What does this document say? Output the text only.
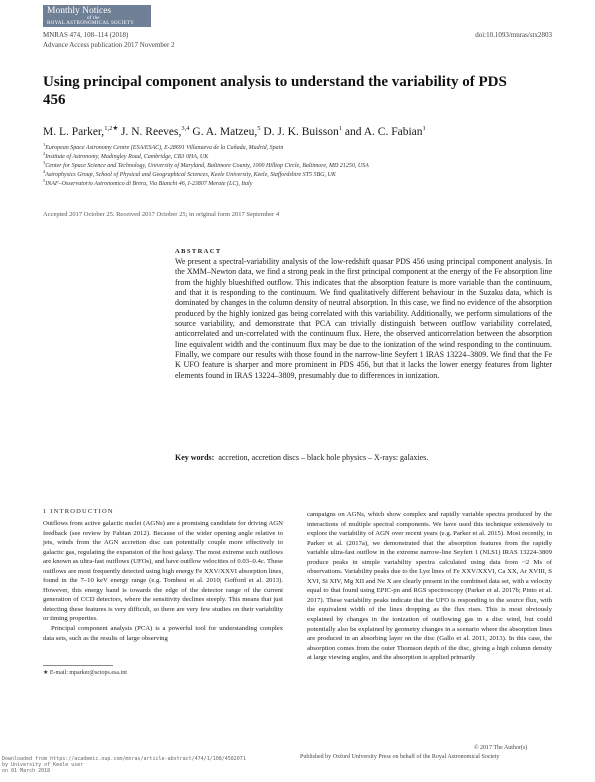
Monthly Notices
of the
ROYAL ASTRONOMICAL SOCIETY
MNRAS 474, 108–114 (2018)
Advance Access publication 2017 November 2
doi:10.1093/mnras/stx2803
Using principal component analysis to understand the variability of PDS 456
M. L. Parker,$^{1,2★}$ J. N. Reeves,$^{3,4}$ G. A. Matzeu,$^5$ D. J. K. Buisson$^1$ and A. C. Fabian$^1$
$^1$European Space Astronomy Centre (ESA/ESAC), E-28691 Villanueva de la Cañada, Madrid, Spain
$^2$Institute of Astronomy, Madingley Road, Cambridge, CB3 0HA, UK
$^3$Center for Space Science and Technology, University of Maryland, Baltimore County, 1000 Hilltop Circle, Baltimore, MD 21250, USA
$^4$Astrophysics Group, School of Physical and Geographical Sciences, Keele University, Keele, Staffordshire ST5 5BG, UK
$^5$INAF–Osservatorio Astronomico di Brera, Via Bianchi 46, I-23807 Merate (LC), Italy
Accepted 2017 October 25. Received 2017 October 25; in original form 2017 September 4
ABSTRACT
We present a spectral-variability analysis of the low-redshift quasar PDS 456 using principal component analysis. In the XMM–Newton data, we find a strong peak in the first principal component at the energy of the Fe absorption line from the highly blueshifted outflow. This indicates that the absorption feature is more variable than the continuum, and that it is responding to the continuum. We find qualitatively different behaviour in the Suzaku data, which is dominated by changes in the column density of neutral absorption. In this case, we find no evidence of the absorption produced by the highly ionized gas being correlated with this variability. Additionally, we perform simulations of the source variability, and demonstrate that PCA can trivially distinguish between outflow variability correlated, anticorrelated and un-correlated with the continuum flux. Here, the observed anticorrelation between the absorption line equivalent width and the continuum flux may be due to the ionization of the wind responding to the continuum. Finally, we compare our results with those found in the narrow-line Seyfert 1 IRAS 13224–3809. We find that the Fe K UFO feature is sharper and more prominent in PDS 456, but that it lacks the lower energy features from lighter elements found in IRAS 13224–3809, presumably due to differences in ionization.
Key words: accretion, accretion discs – black hole physics – X-rays: galaxies.
1 INTRODUCTION

Outflows from active galactic nuclei (AGNs) are a promising candidate for driving AGN feedback (see review by Fabian 2012). Because of the wider opening angle relative to jets, winds from the AGN accretion disc can potentially couple more effectively to galactic gas, regulating the expansion of the host galaxy. The most extreme such outflows are known as ultra-fast outflows (UFOs), and have outflow velocities of 0.03–0.4c. These outflows are most frequently detected using high energy Fe XXV/XXVI absorption lines, found in the 7–10 keV energy range (e.g. Tombesi et al. 2010; Gofford et al. 2013). However, this energy band is towards the edge of the detector range of the current generation of CCD detectors, where the sensitivity declines steeply. This means that just detecting these features is very difficult, so there are very few studies on their variability or timing properties.

Principal component analysis (PCA) is a powerful tool for understanding complex data sets, such as the results of large observing

campaigns on AGNs, which show complex and rapidly variable spectra produced by the interactions of multiple spectral components. We have used this technique extensively to explore the variability of AGN over recent years (e.g. Parker et al. 2015). Most recently, in Parker et al. (2017a), we demonstrated that the absorption features from the rapidly variable ultra-fast outflow in the extreme narrow-line Seyfert 1 (NLS1) IRAS 13224-3809 produce peaks in simple variability spectra calculated using data from ~2 Ms of observations. Variability peaks due to the Lyα lines of Fe XXV/XXVI, Ca XX, Ar XVIII, S XVI, Si XIV, Mg XII and Ne X are clearly present in the combined data set, with a velocity equal to that found using EPIC-pn and RGS spectroscopy (Parker et al. 2017b; Pinto et al. 2017). These variability peaks indicate that the UFO is responding to the source flux, with the equivalent width of the lines dropping as the flux rises. This is most obviously explained by changes in the ionization of outflowing gas in a disc wind, but could potentially also be explained by geometry changes in a scenario where the absorption lines are produced in an absorbing layer on the disc (Gallo et al. 2011, 2013). In this case, the absorption comes from the outer Thomson depth of the disc, giving a high column density at large viewing angles, and the absorption is applied primarily

★ E-mail: mparker@sciops.esa.int
© 2017 The Author(s)
Published by Oxford University Press on behalf of the Royal Astronomical Society
Downloaded from https://academic.oup.com/mnras/article-abstract/474/1/108/4582071
by University of Keele user
on 01 March 2018
